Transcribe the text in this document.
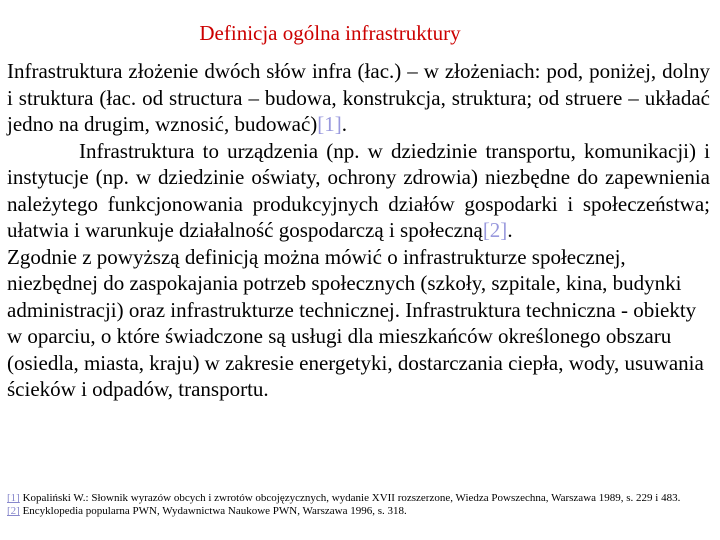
Definicja ogólna infrastruktury

Infrastruktura złożenie dwóch słów infra (łac.) – w złożeniach: pod, poniżej, dolny i struktura (łac. od structura – budowa, konstrukcja, struktura; od struere – układać jedno na drugim, wznosić, budować)[1].

Infrastruktura to urządzenia (np. w dziedzinie transportu, komunikacji) i instytucje (np. w dziedzinie oświaty, ochrony zdrowia) niezbędne do zapewnienia należytego funkcjonowania produkcyjnych działów gospodarki i społeczeństwa; ułatwia i warunkuje działalność gospodarczą i społeczną[2].

Zgodnie z powyższą definicją można mówić o infrastrukturze społecznej, niezbędnej do zaspokajania potrzeb społecznych (szkoły, szpitale, kina, budynki administracji) oraz infrastrukturze technicznej. Infrastruktura techniczna - obiekty w oparciu, o które świadczone są usługi dla mieszkańców określonego obszaru (osiedla, miasta, kraju) w zakresie energetyki, dostarczania ciepła, wody, usuwania ścieków i odpadów, transportu.

[1] Kopaliński W.: Słownik wyrazów obcych i zwrotów obcojęzycznych, wydanie XVII rozszerzone, Wiedza Powszechna, Warszawa 1989, s. 229 i 483.

[2] Encyklopedia popularna PWN, Wydawnictwa Naukowe PWN, Warszawa 1996, s. 318.
